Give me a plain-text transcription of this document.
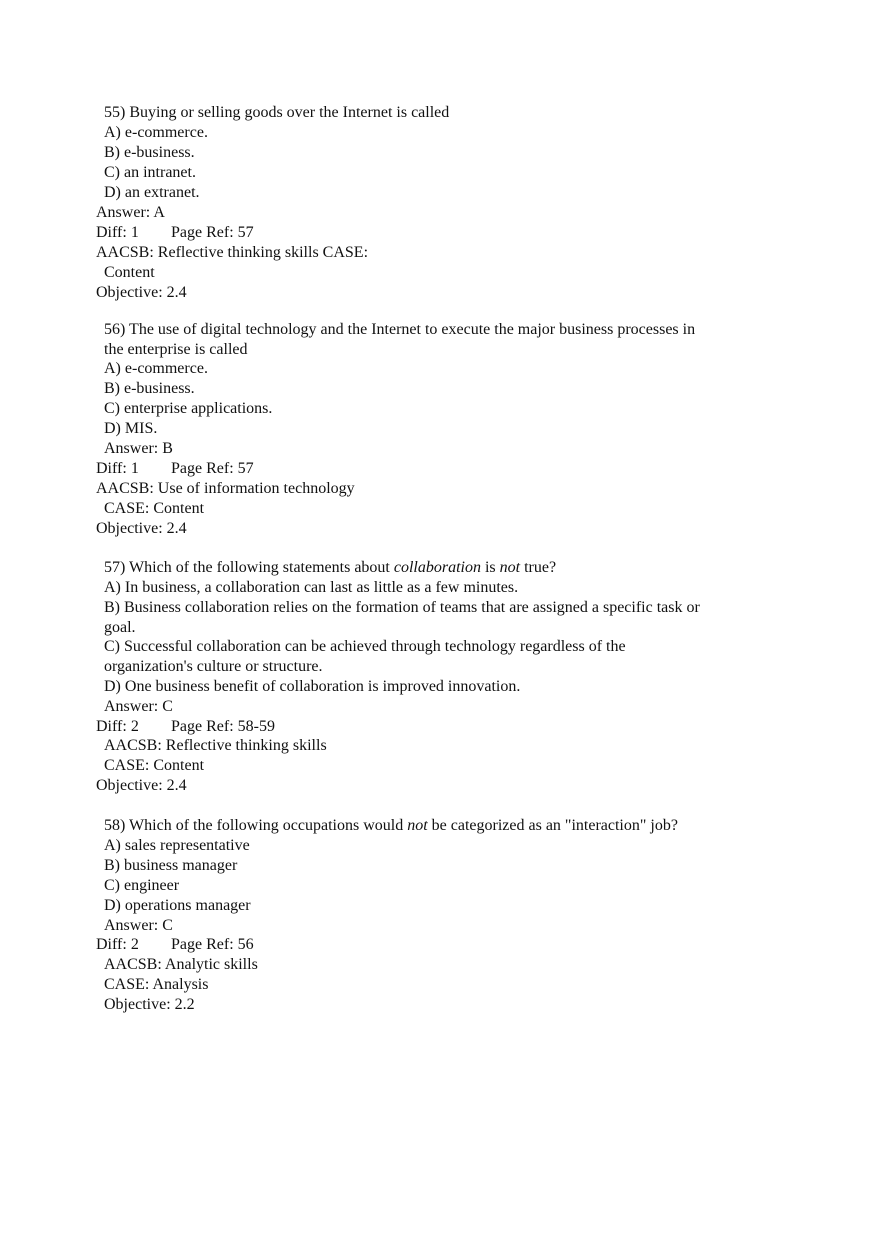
55) Buying or selling goods over the Internet is called
A) e-commerce.
B) e-business.
C) an intranet.
D) an extranet.
Answer: A
Diff: 1 Page Ref: 57
AACSB: Reflective thinking skills CASE:
Content
Objective: 2.4
56) The use of digital technology and the Internet to execute the major business processes in
the enterprise is called
A) e-commerce.
B) e-business.
C) enterprise applications.
D) MIS.
Answer: B
Diff: 1 Page Ref: 57
AACSB: Use of information technology
CASE: Content
Objective: 2.4
57) Which of the following statements about collaboration is not true?
A) In business, a collaboration can last as little as a few minutes.
B) Business collaboration relies on the formation of teams that are assigned a specific task or
goal.
C) Successful collaboration can be achieved through technology regardless of the
organization's culture or structure.
D) One business benefit of collaboration is improved innovation.
Answer: C
Diff: 2 Page Ref: 58-59
AACSB: Reflective thinking skills
CASE: Content
Objective: 2.4
58) Which of the following occupations would not be categorized as an "interaction" job?
A) sales representative
B) business manager
C) engineer
D) operations manager
Answer: C
Diff: 2 Page Ref: 56
AACSB: Analytic skills
CASE: Analysis
Objective: 2.2
